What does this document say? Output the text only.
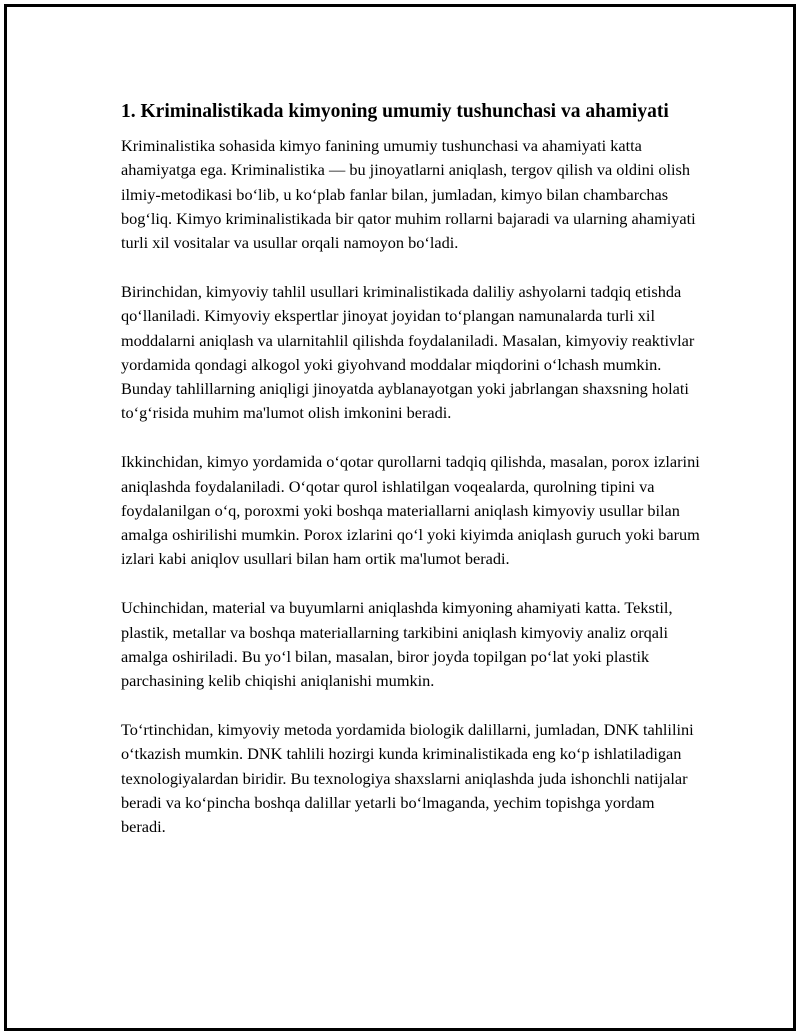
1. Kriminalistikada kimyoning umumiy tushunchasi va ahamiyati

Kriminalistika sohasida kimyo fanining umumiy tushunchasi va ahamiyati katta ahamiyatga ega. Kriminalistika — bu jinoyatlarni aniqlash, tergov qilish va oldini olish ilmiy-metodikasi bo‘lib, u ko‘plab fanlar bilan, jumladan, kimyo bilan chambarchas bog‘liq. Kimyo kriminalistikada bir qator muhim rollarni bajaradi va ularning ahamiyati turli xil vositalar va usullar orqali namoyon bo‘ladi.

Birinchidan, kimyoviy tahlil usullari kriminalistikada daliliy ashyolarni tadqiq etishda qo‘llaniladi. Kimyoviy ekspertlar jinoyat joyidan to‘plangan namunalarda turli xil moddalarni aniqlash va ularnitahlil qilishda foydalaniladi. Masalan, kimyoviy reaktivlar yordamida qondagi alkogol yoki giyohvand moddalar miqdorini o‘lchash mumkin. Bunday tahlillarning aniqligi jinoyatda ayblanayotgan yoki jabrlangan shaxsning holati to‘g‘risida muhim ma'lumot olish imkonini beradi.

Ikkinchidan, kimyo yordamida o‘qotar qurollarni tadqiq qilishda, masalan, porox izlarini aniqlashda foydalaniladi. O‘qotar qurol ishlatilgan voqealarda, qurolning tipini va foydalanilgan o‘q, poroxmi yoki boshqa materiallarni aniqlash kimyoviy usullar bilan amalga oshirilishi mumkin. Porox izlarini qo‘l yoki kiyimda aniqlash guruch yoki barum izlari kabi aniqlov usullari bilan ham ortik ma'lumot beradi.

Uchinchidan, material va buyumlarni aniqlashda kimyoning ahamiyati katta. Tekstil, plastik, metallar va boshqa materiallarning tarkibini aniqlash kimyoviy analiz orqali amalga oshiriladi. Bu yo‘l bilan, masalan, biror joyda topilgan po‘lat yoki plastik parchasining kelib chiqishi aniqlanishi mumkin.

To‘rtinchidan, kimyoviy metoda yordamida biologik dalillarni, jumladan, DNK tahlilini o‘tkazish mumkin. DNK tahlili hozirgi kunda kriminalistikada eng ko‘p ishlatiladigan texnologiyalardan biridir. Bu texnologiya shaxslarni aniqlashda juda ishonchli natijalar beradi va ko‘pincha boshqa dalillar yetarli bo‘lmaganda, yechim topishga yordam beradi.
